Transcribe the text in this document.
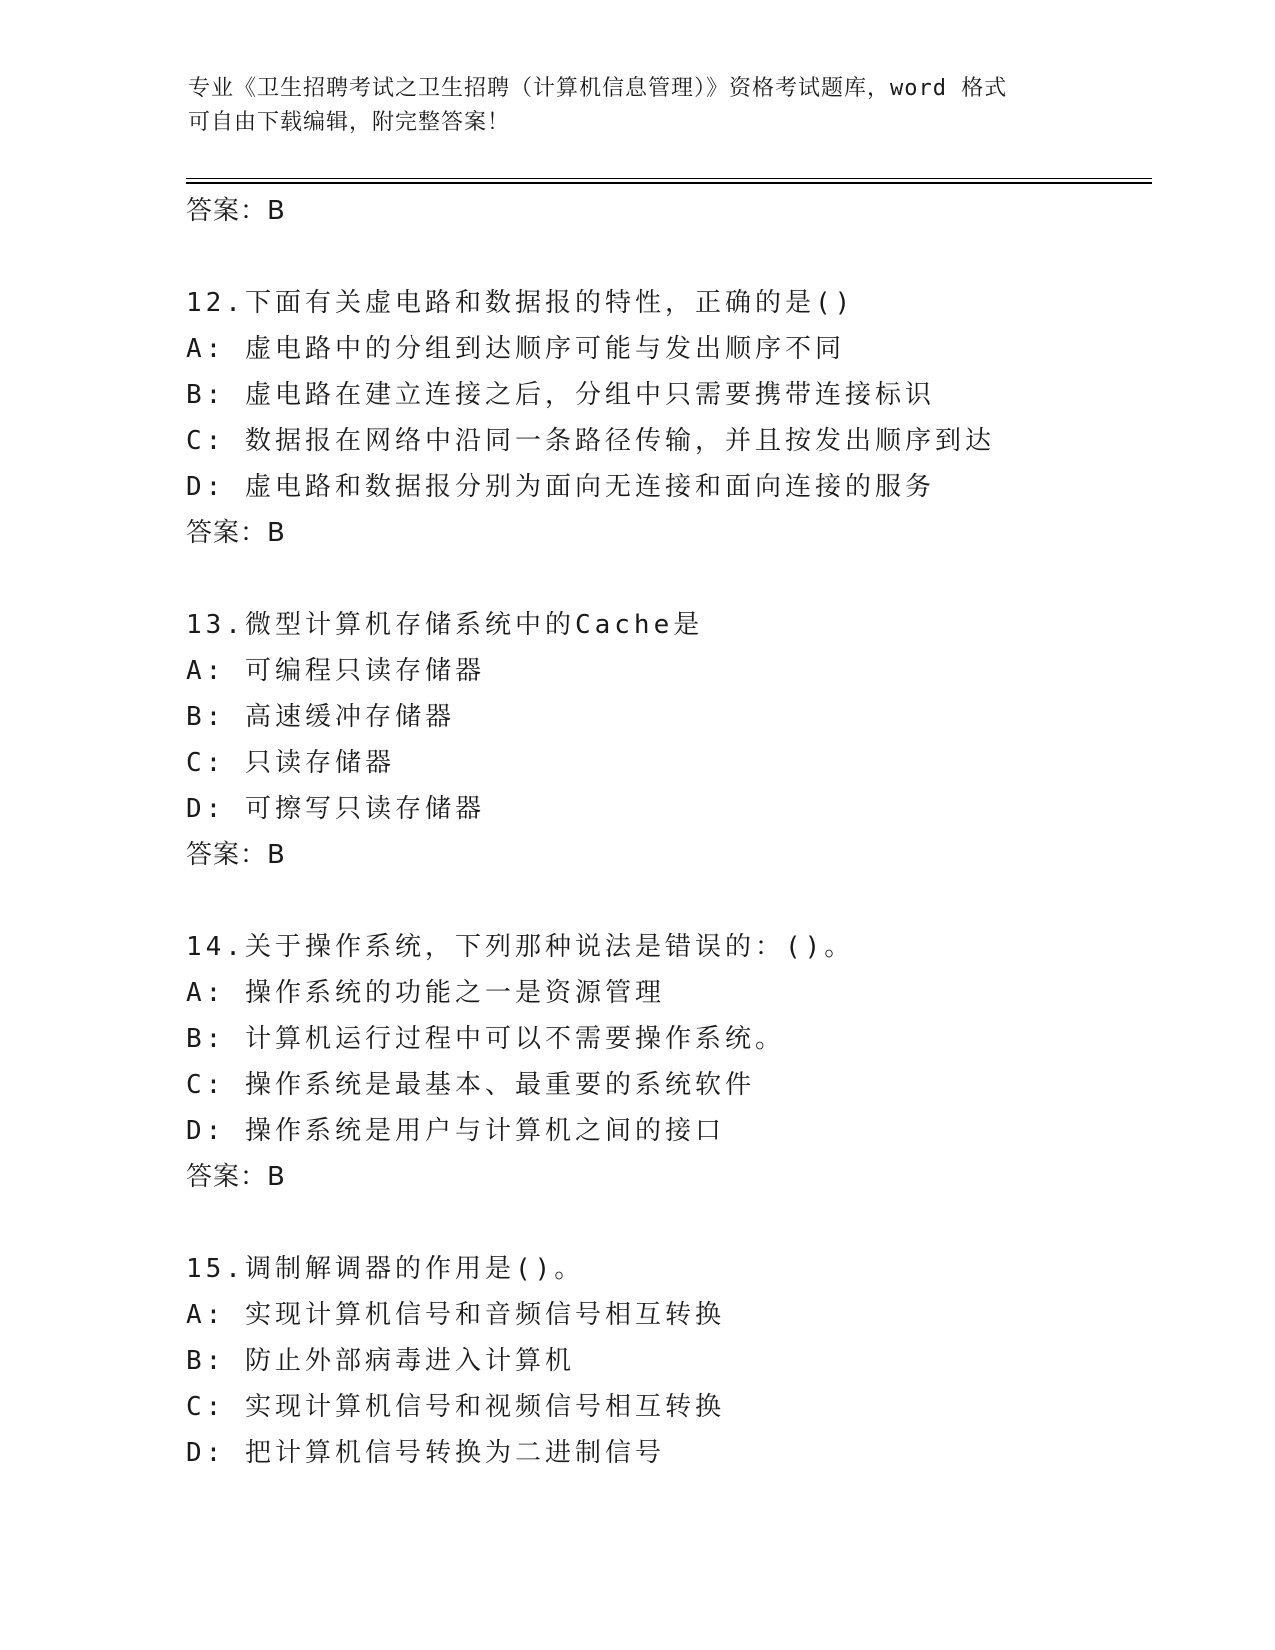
专业《卫生招聘考试之卫生招聘（计算机信息管理）》资格考试题库，word 格式
可自由下载编辑，附完整答案！
答案：B
12.下面有关虚电路和数据报的特性，正确的是()
A: 虚电路中的分组到达顺序可能与发出顺序不同
B: 虚电路在建立连接之后，分组中只需要携带连接标识
C: 数据报在网络中沿同一条路径传输，并且按发出顺序到达
D: 虚电路和数据报分别为面向无连接和面向连接的服务
答案：B
13.微型计算机存储系统中的Cache是
A: 可编程只读存储器
B: 高速缓冲存储器
C: 只读存储器
D: 可擦写只读存储器
答案：B
14.关于操作系统，下列那种说法是错误的：()。
A: 操作系统的功能之一是资源管理
B: 计算机运行过程中可以不需要操作系统。
C: 操作系统是最基本、最重要的系统软件
D: 操作系统是用户与计算机之间的接口
答案：B
15.调制解调器的作用是()。
A: 实现计算机信号和音频信号相互转换
B: 防止外部病毒进入计算机
C: 实现计算机信号和视频信号相互转换
D: 把计算机信号转换为二进制信号
